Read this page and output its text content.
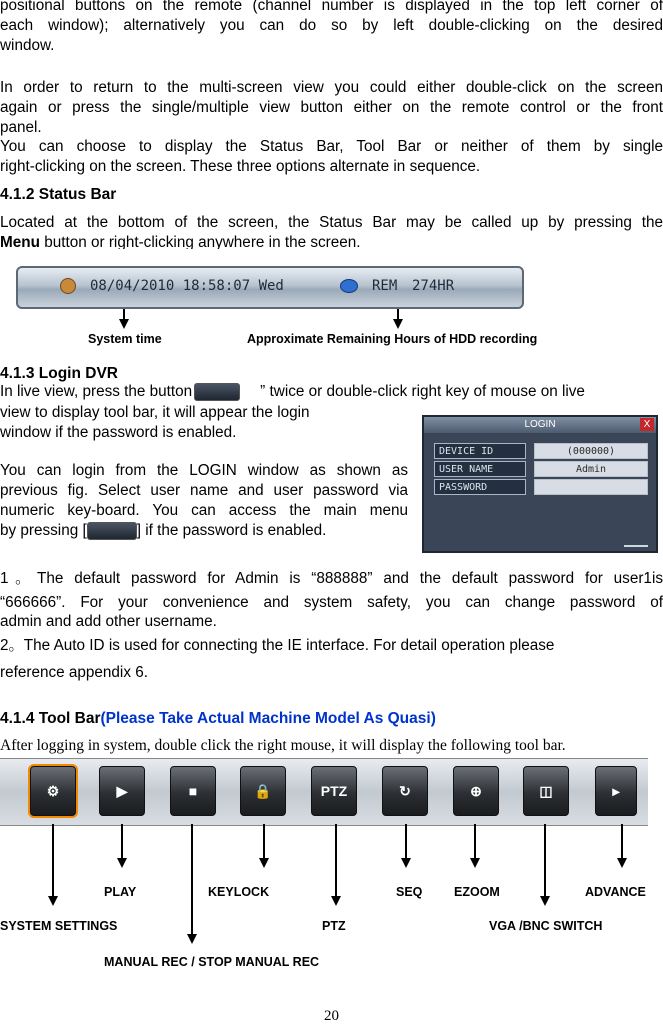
positional buttons on the remote (channel number is displayed in the top left corner of
each window); alternatively you can do so by left double-clicking on the desired
window.
In order to return to the multi-screen view you could either double-click on the screen
again or press the single/multiple view button either on the remote control or the front
panel.
You can choose to display the Status Bar, Tool Bar or neither of them by single
right-clicking on the screen. These three options alternate in sequence.
4.1.2 Status Bar
Located at the bottom of the screen, the Status Bar may be called up by pressing the
Menu button or right-clicking anywhere in the screen.
08/04/2010 18:58:07 Wed	REM 274HR
System time	Approximate Remaining Hours of HDD recording
4.1.3 Login DVR
In live view, press the button	” twice or double-click right key of mouse on live
view to display tool bar, it will appear the login
window if the password is enabled.
You can login from the LOGIN window as shown as
previous fig. Select user name and user password via
numeric key-board. You can access the main menu
by pressing [	] if the password is enabled.
LOGIN	X
DEVICE ID	(000000)
USER NAME	Admin
PASSWORD
1。The default password for Admin is “888888” and the default password for user1is
“666666”. For your convenience and system safety, you can change password of
admin and add other username.
2。The Auto ID is used for connecting the IE interface. For detail operation please
reference appendix 6.
4.1.4 Tool Bar(Please Take Actual Machine Model As Quasi)
After logging in system, double click the right mouse, it will display the following tool bar.
⚙	▶	■	🔒	PTZ	↻	⊕	◫	▸
PLAY	KEYLOCK	SEQ	EZOOM	ADVANCE
SYSTEM SETTINGS	PTZ	VGA /BNC SWITCH
MANUAL REC / STOP MANUAL REC
20
